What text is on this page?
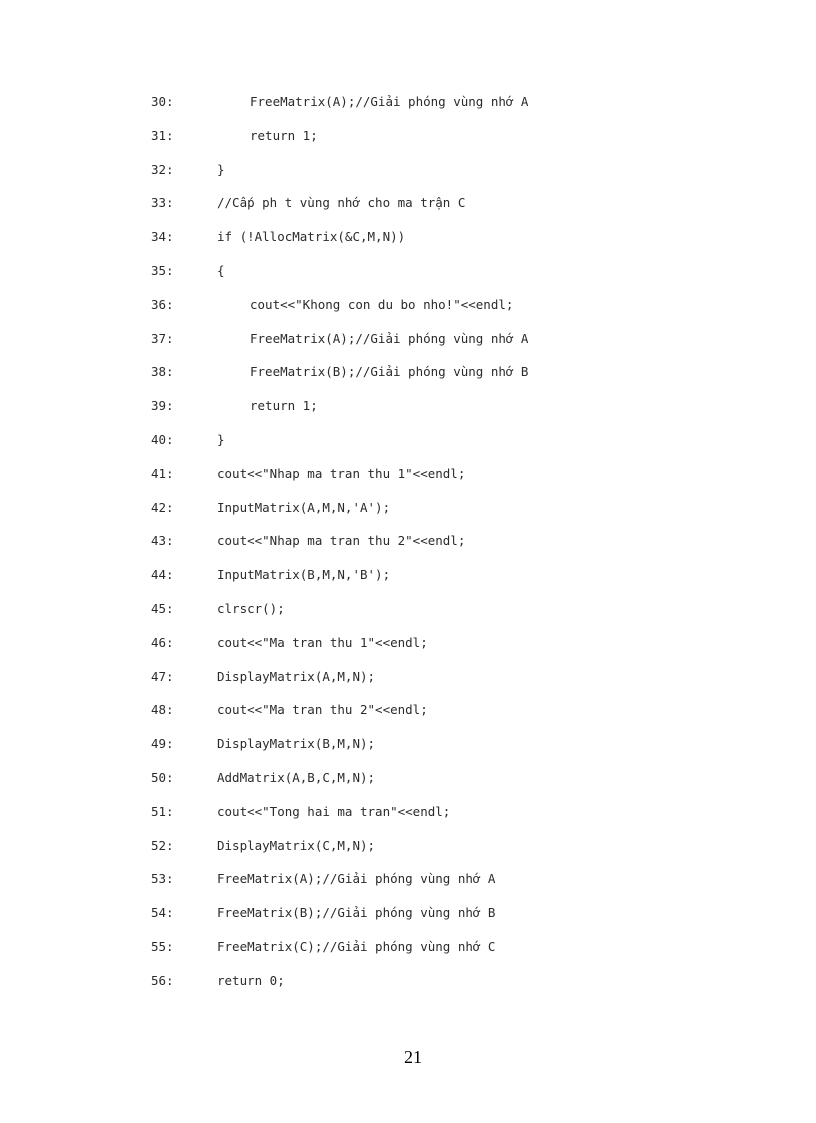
30:	FreeMatrix(A);//Giải phóng vùng nhớ A
31:	return 1;
32:	}
33:	//Cấp ph t vùng nhớ cho ma trận C
34:	if (!AllocMatrix(&C,M,N))
35:	{
36:	cout<<"Khong con du bo nho!"<<endl;
37:	FreeMatrix(A);//Giải phóng vùng nhớ A
38:	FreeMatrix(B);//Giải phóng vùng nhớ B
39:	return 1;
40:	}
41:	cout<<"Nhap ma tran thu 1"<<endl;
42:	InputMatrix(A,M,N,'A');
43:	cout<<"Nhap ma tran thu 2"<<endl;
44:	InputMatrix(B,M,N,'B');
45:	clrscr();
46:	cout<<"Ma tran thu 1"<<endl;
47:	DisplayMatrix(A,M,N);
48:	cout<<"Ma tran thu 2"<<endl;
49:	DisplayMatrix(B,M,N);
50:	AddMatrix(A,B,C,M,N);
51:	cout<<"Tong hai ma tran"<<endl;
52:	DisplayMatrix(C,M,N);
53:	FreeMatrix(A);//Giải phóng vùng nhớ A
54:	FreeMatrix(B);//Giải phóng vùng nhớ B
55:	FreeMatrix(C);//Giải phóng vùng nhớ C
56:	return 0;
21
